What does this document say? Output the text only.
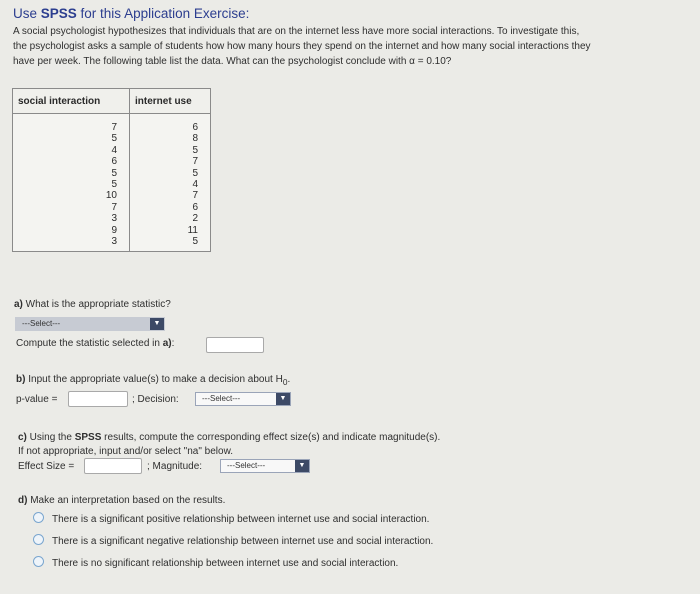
Use SPSS for this Application Exercise:
A social psychologist hypothesizes that individuals that are on the internet less have more social interactions. To investigate this,
the psychologist asks a sample of students how how many hours they spend on the internet and how many social interactions they
have per week. The following table list the data. What can the psychologist conclude with α = 0.10?
social interaction	internet use
7	6
5	8
4	5
6	7
5	5
5	4
10	7
7	6
3	2
9	11
3	5
a) What is the appropriate statistic?
---Select---	▼
Compute the statistic selected in a):
b) Input the appropriate value(s) to make a decision about $H_0$.
p-value =	; Decision:	---Select---	▼
c) Using the SPSS results, compute the corresponding effect size(s) and indicate magnitude(s).
If not appropriate, input and/or select "na" below.
Effect Size =	; Magnitude:	---Select---	▼
d) Make an interpretation based on the results.
There is a significant positive relationship between internet use and social interaction.
There is a significant negative relationship between internet use and social interaction.
There is no significant relationship between internet use and social interaction.
